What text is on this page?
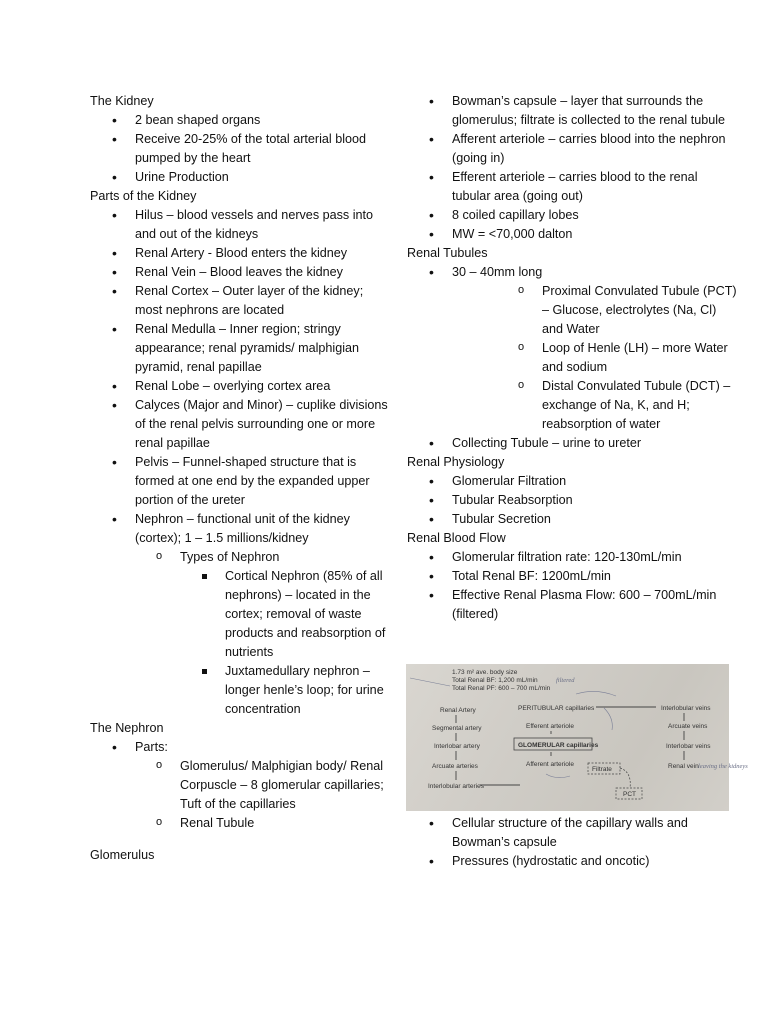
The Kidney

• 2 bean shaped organs
• Receive 20-25% of the total arterial blood pumped by the heart
• Urine Production

Parts of the Kidney

• Hilus – blood vessels and nerves pass into and out of the kidneys
• Renal Artery - Blood enters the kidney
• Renal Vein – Blood leaves the kidney
• Renal Cortex – Outer layer of the kidney; most nephrons are located
• Renal Medulla – Inner region; stringy appearance; renal pyramids/ malphigian pyramid, renal papillae
• Renal Lobe – overlying cortex area
• Calyces (Major and Minor) – cuplike divisions of the renal pelvis surrounding one or more renal papillae
• Pelvis – Funnel-shaped structure that is formed at one end by the expanded upper portion of the ureter
• Nephron – functional unit of the kidney (cortex); 1 – 1.5 millions/kidney
o Types of Nephron
Cortical Nephron (85% of all nephrons) – located in the cortex; removal of waste products and reabsorption of nutrients
Juxtamedullary nephron – longer henle’s loop; for urine concentration

The Nephron

• Parts:
o Glomerulus/ Malphigian body/ Renal Corpuscle – 8 glomerular capillaries; Tuft of the capillaries
o Renal Tubule

Glomerulus

• Bowman’s capsule – layer that surrounds the glomerulus; filtrate is collected to the renal tubule
• Afferent arteriole – carries blood into the nephron (going in)
• Efferent arteriole – carries blood to the renal tubular area (going out)
• 8 coiled capillary lobes
• MW = <70,000 dalton

Renal Tubules

• 30 – 40mm long
o Proximal Convulated Tubule (PCT) – Glucose, electrolytes (Na, Cl) and Water
o Loop of Henle (LH) – more Water and sodium
o Distal Convulated Tubule (DCT) – exchange of Na, K, and H; reabsorption of water
• Collecting Tubule – urine to ureter

Renal Physiology

• Glomerular Filtration
• Tubular Reabsorption
• Tubular Secretion

Renal Blood Flow

• Glomerular filtration rate: 120-130mL/min
• Total Renal BF: 1200mL/min
• Effective Renal Plasma Flow: 600 – 700mL/min (filtered)

• Cellular structure of the capillary walls and Bowman’s capsule
• Pressures (hydrostatic and oncotic)
1.73 m² ave. body size
Total Renal BF: 1,200 mL/min
Total Renal PF: 600 – 700 mL/min
filtered
Renal Artery
Segmental artery
Interlobar artery
Arcuate arteries
Interlobular arteries
PERITUBULAR capillaries
Efferent arteriole
GLOMERULAR capillaries
Afferent arteriole
Filtrate
PCT
Interlobular veins
Arcuate veins
Interlobar veins
Renal vein leaving the kidneys
